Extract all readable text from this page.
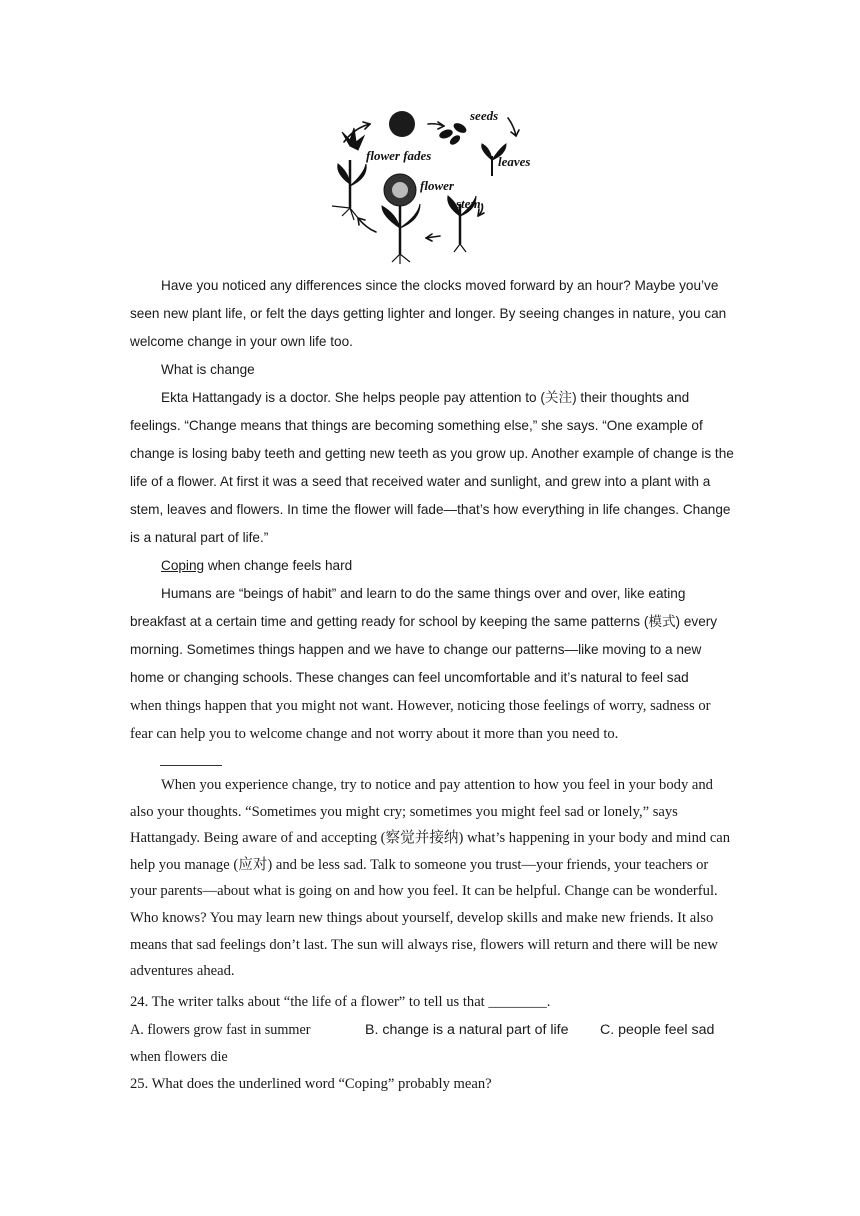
seeds
leaves
flower fades
flower
stem

Have you noticed any differences since the clocks moved forward by an hour? Maybe you’ve seen new plant life, or felt the days getting lighter and longer. By seeing changes in nature, you can welcome change in your own life too.

What is change

Ekta Hattangady is a doctor. She helps people pay attention to (关注) their thoughts and feelings. “Change means that things are becoming something else,” she says. “One example of change is losing baby teeth and getting new teeth as you grow up. Another example of change is the life of a flower. At first it was a seed that received water and sunlight, and grew into a plant with a stem, leaves and flowers. In time the flower will fade—that’s how everything in life changes. Change is a natural part of life.”

Coping when change feels hard

Humans are “beings of habit” and learn to do the same things over and over, like eating breakfast at a certain time and getting ready for school by keeping the same patterns (模式) every morning. Sometimes things happen and we have to change our patterns—like moving to a new home or changing schools. These changes can feel uncomfortable and it’s natural to feel sad

when things happen that you might not want. However, noticing those feelings of worry, sadness or fear can help you to welcome change and not worry about it more than you need to.

When you experience change, try to notice and pay attention to how you feel in your body and also your thoughts. “Sometimes you might cry; sometimes you might feel sad or lonely,” says Hattangady. Being aware of and accepting (察觉并接纳) what’s happening in your body and mind can help you manage (应对) and be less sad. Talk to someone you trust—your friends, your teachers or your parents—about what is going on and how you feel. It can be helpful. Change can be wonderful. Who knows? You may learn new things about yourself, develop skills and make new friends. It also means that sad feelings don’t last. The sun will always rise, flowers will return and there will be new adventures ahead.

24. The writer talks about “the life of a flower” to tell us that ________.

A. flowers grow fast in summer	B. change is a natural part of life C. people feel sad
when flowers die

25. What does the underlined word “Coping” probably mean?
